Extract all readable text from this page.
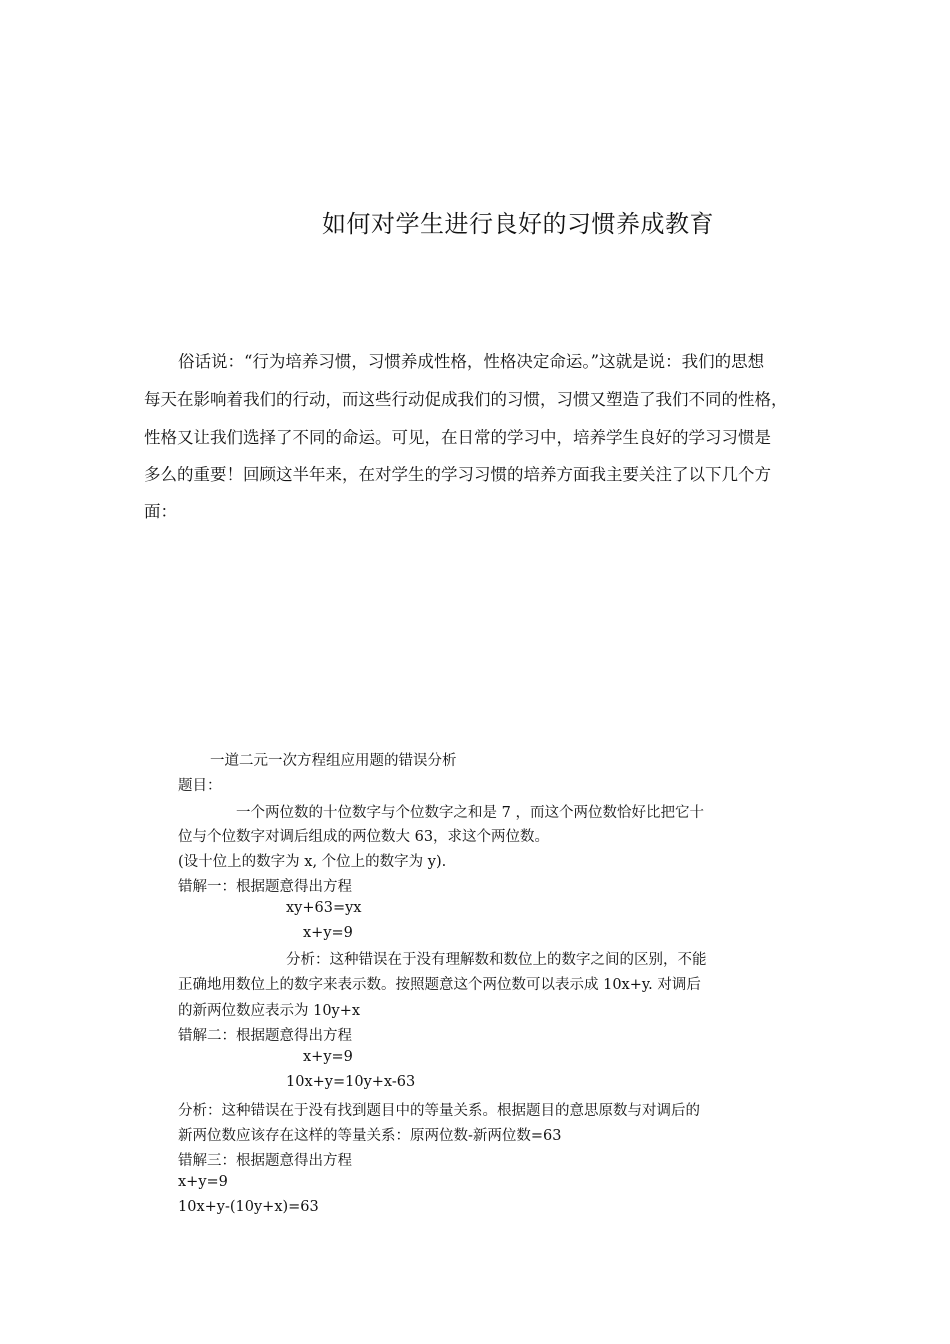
如何对学生进行良好的习惯养成教育
俗话说：“行为培养习惯，习惯养成性格，性格决定命运。”这就是说：我们的思想
每天在影响着我们的行动，而这些行动促成我们的习惯，习惯又塑造了我们不同的性格，
性格又让我们选择了不同的命运。可见，在日常的学习中，培养学生良好的学习习惯是
多么的重要！回顾这半年来，在对学生的学习习惯的培养方面我主要关注了以下几个方
面：
一道二元一次方程组应用题的错误分析
题目：
一个两位数的十位数字与个位数字之和是 7 ，而这个两位数恰好比把它十
位与个位数字对调后组成的两位数大 63，求这个两位数。
(设十位上的数字为 x, 个位上的数字为 y).
错解一：根据题意得出方程
xy+63=yx
x+y=9
分析：这种错误在于没有理解数和数位上的数字之间的区别，不能
正确地用数位上的数字来表示数。按照题意这个两位数可以表示成 10x+y. 对调后
的新两位数应表示为 10y+x
错解二：根据题意得出方程
x+y=9
10x+y=10y+x-63
分析：这种错误在于没有找到题目中的等量关系。根据题目的意思原数与对调后的
新两位数应该存在这样的等量关系：原两位数-新两位数=63
错解三：根据题意得出方程
x+y=9
10x+y-(10y+x)=63
